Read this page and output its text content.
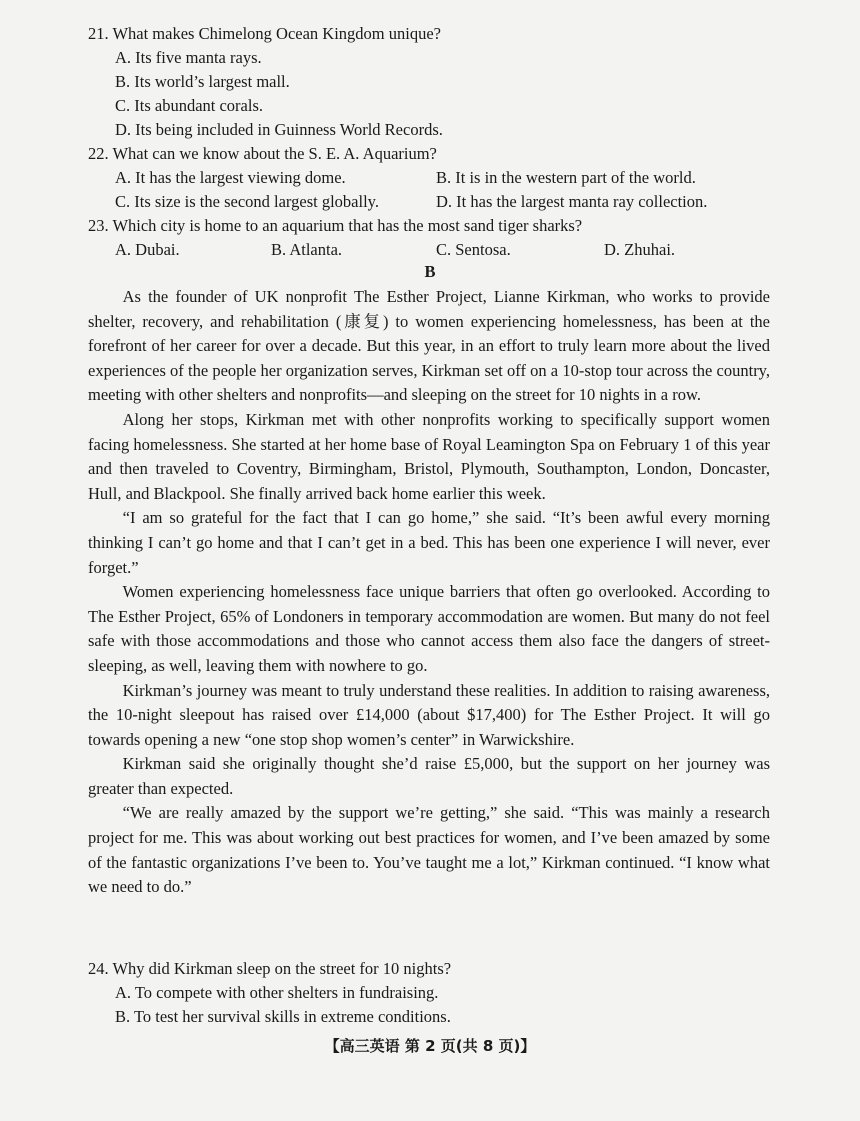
21. What makes Chimelong Ocean Kingdom unique?
A. Its five manta rays.
B. Its world’s largest mall.
C. Its abundant corals.
D. Its being included in Guinness World Records.
22. What can we know about the S. E. A. Aquarium?
A. It has the largest viewing dome.	B. It is in the western part of the world.
C. Its size is the second largest globally.	D. It has the largest manta ray collection.
23. Which city is home to an aquarium that has the most sand tiger sharks?
A. Dubai.	B. Atlanta.	C. Sentosa.	D. Zhuhai.
B

As the founder of UK nonprofit The Esther Project, Lianne Kirkman, who works to provide shelter, recovery, and rehabilitation (康复) to women experiencing homelessness, has been at the forefront of her career for over a decade. But this year, in an effort to truly learn more about the lived experiences of the people her organization serves, Kirkman set off on a 10-stop tour across the country, meeting with other shelters and nonprofits—and sleeping on the street for 10 nights in a row.

Along her stops, Kirkman met with other nonprofits working to specifically support women facing homelessness. She started at her home base of Royal Leamington Spa on February 1 of this year and then traveled to Coventry, Birmingham, Bristol, Plymouth, Southampton, London, Doncaster, Hull, and Blackpool. She finally arrived back home earlier this week.

“I am so grateful for the fact that I can go home,” she said. “It’s been awful every morning thinking I can’t go home and that I can’t get in a bed. This has been one experience I will never, ever forget.”

Women experiencing homelessness face unique barriers that often go overlooked. According to The Esther Project, 65% of Londoners in temporary accommodation are women. But many do not feel safe with those accommodations and those who cannot access them also face the dangers of street-sleeping, as well, leaving them with nowhere to go.

Kirkman’s journey was meant to truly understand these realities. In addition to raising awareness, the 10-night sleepout has raised over £14,000 (about $17,400) for The Esther Project. It will go towards opening a new “one stop shop women’s center” in Warwickshire.

Kirkman said she originally thought she’d raise £5,000, but the support on her journey was greater than expected.

“We are really amazed by the support we’re getting,” she said. “This was mainly a research project for me. This was about working out best practices for women, and I’ve been amazed by some of the fantastic organizations I’ve been to. You’ve taught me a lot,” Kirkman continued. “I know what we need to do.”

24. Why did Kirkman sleep on the street for 10 nights?
A. To compete with other shelters in fundraising.
B. To test her survival skills in extreme conditions.
【高三英语 第 2 页(共 8 页)】
